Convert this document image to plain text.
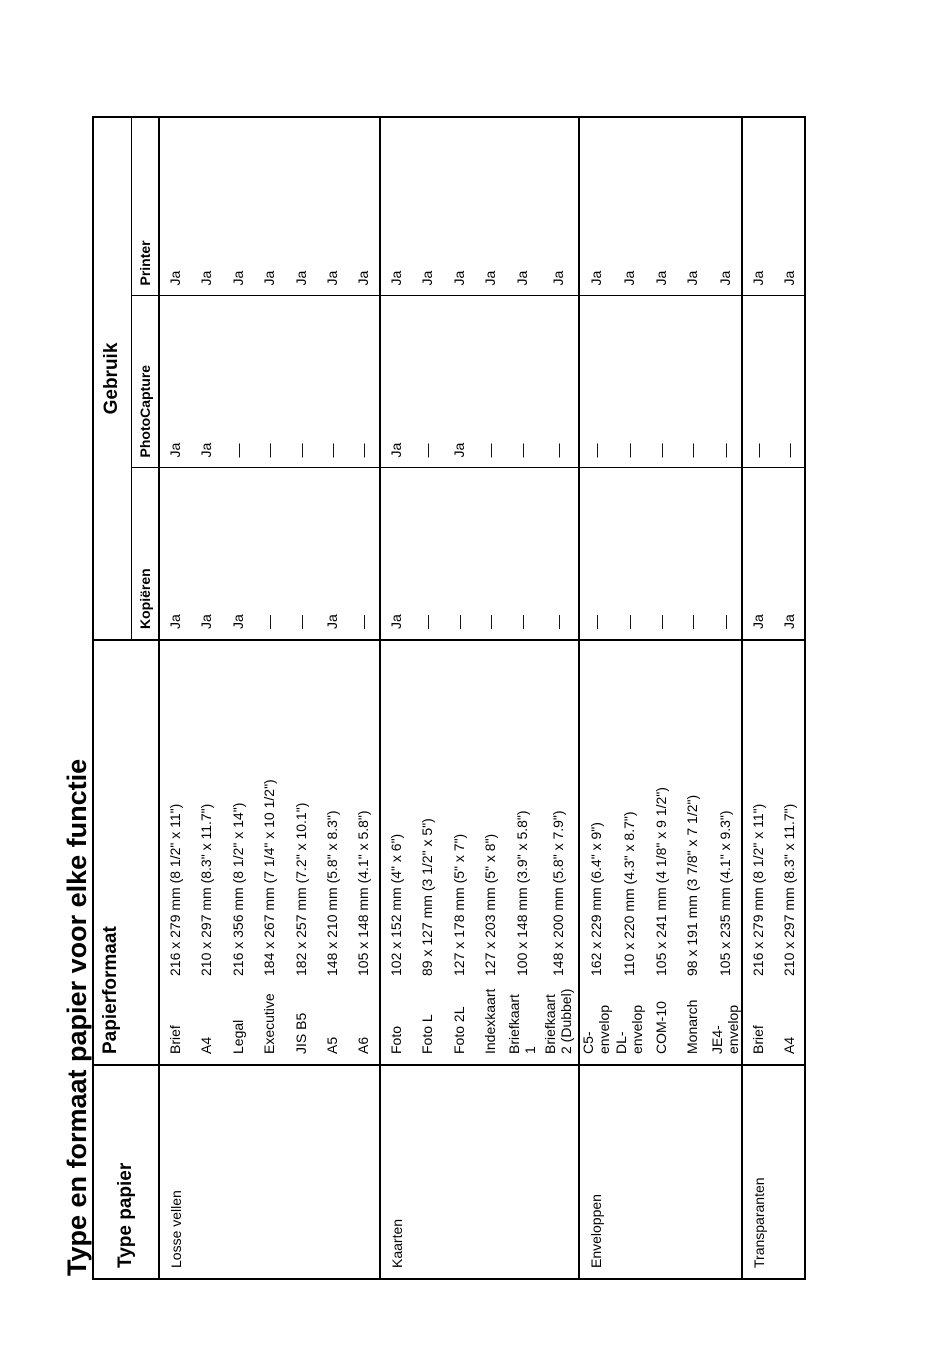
Type en formaat papier voor elke functie Type papier	Papierformaat		Gebruik		
			Kopiëren	PhotoCapture	Printer
Losse vellen	Brief	216 x 279 mm (8 1/2" x 11")	Ja	Ja	Ja
	A4	210 x 297 mm (8.3" x 11.7")	Ja	Ja	Ja
	Legal	216 x 356 mm (8 1/2" x 14")	Ja	—	Ja
	Executive	184 x 267 mm (7 1/4" x 10 1/2")	—	—	Ja
	JIS B5	182 x 257 mm (7.2" x 10.1")	—	—	Ja
	A5	148 x 210 mm (5.8" x 8.3")	Ja	—	Ja
	A6	105 x 148 mm (4.1" x 5.8")	—	—	Ja
Kaarten	Foto	102 x 152 mm (4" x 6")	Ja	Ja	Ja
	Foto L	89 x 127 mm (3 1/2" x 5")	—	—	Ja
	Foto 2L	127 x 178 mm (5" x 7")	—	Ja	Ja
	Indexkaart	127 x 203 mm (5" x 8")	—	—	Ja
	Briefkaart 1	100 x 148 mm (3.9" x 5.8")	—	—	Ja
	Briefkaart 2 (Dubbel)	148 x 200 mm (5.8" x 7.9")	—	—	Ja
Enveloppen	C5-envelop	162 x 229 mm (6.4" x 9")	—	—	Ja
	DL-envelop	110 x 220 mm (4.3" x 8.7")	—	—	Ja
	COM-10	105 x 241 mm (4 1/8" x 9 1/2")	—	—	Ja
	Monarch	98 x 191 mm (3 7/8" x 7 1/2")	—	—	Ja
	JE4-envelop	105 x 235 mm (4.1" x 9.3")	—	—	Ja
Transparanten	Brief	216 x 279 mm (8 1/2" x 11")	Ja	—	Ja
	A4	210 x 297 mm (8.3" x 11.7")	Ja	—	Ja
